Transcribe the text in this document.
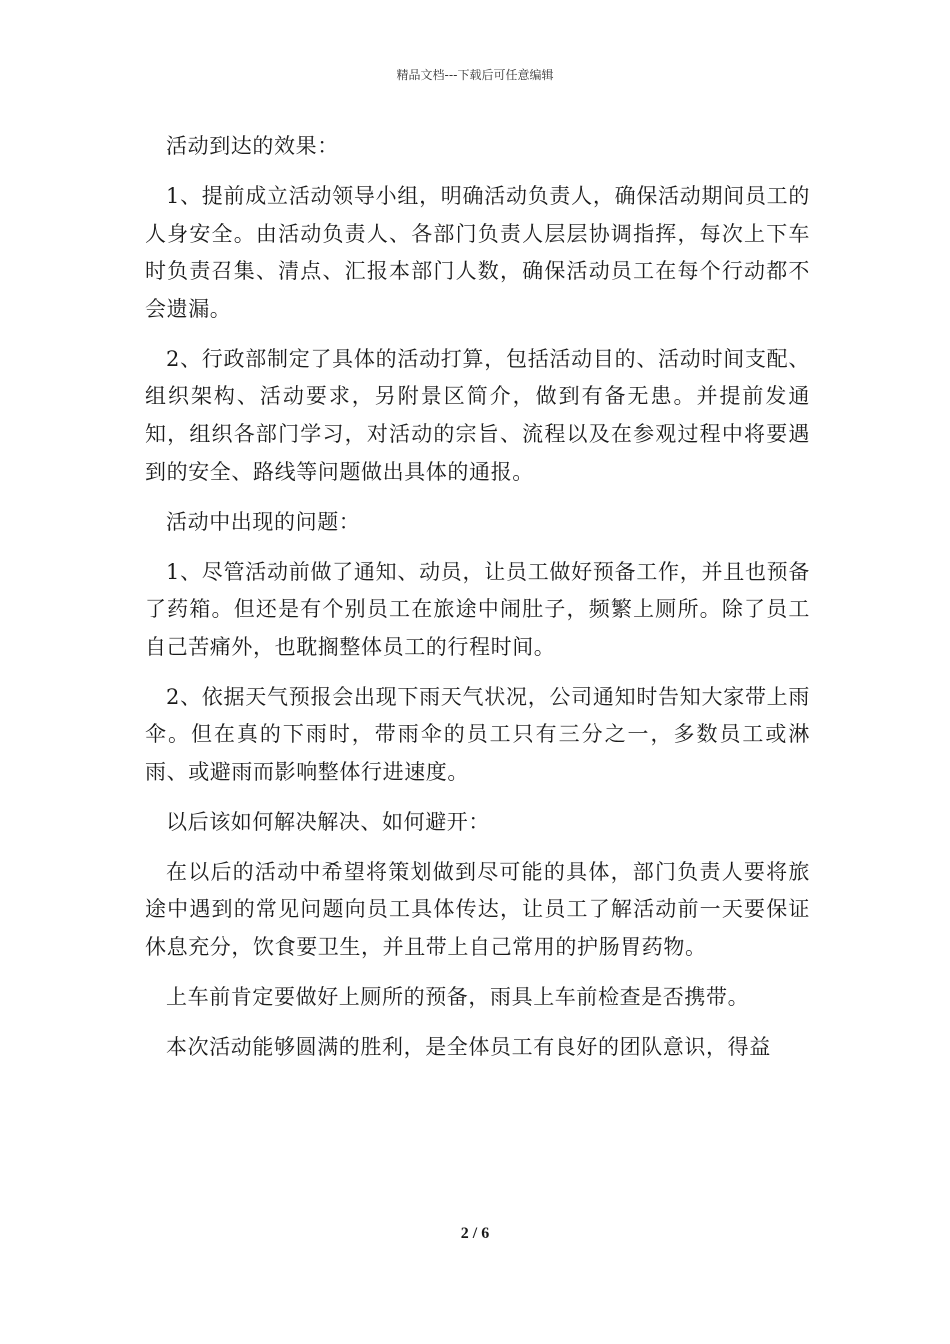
精品文档---下载后可任意编辑

活动到达的效果：

1、提前成立活动领导小组，明确活动负责人，确保活动期间员工的人身安全。由活动负责人、各部门负责人层层协调指挥，每次上下车时负责召集、清点、汇报本部门人数，确保活动员工在每个行动都不会遗漏。

2、行政部制定了具体的活动打算，包括活动目的、活动时间支配、组织架构、活动要求，另附景区简介，做到有备无患。并提前发通知，组织各部门学习，对活动的宗旨、流程以及在参观过程中将要遇到的安全、路线等问题做出具体的通报。

活动中出现的问题：

1、尽管活动前做了通知、动员，让员工做好预备工作，并且也预备了药箱。但还是有个别员工在旅途中闹肚子，频繁上厕所。除了员工自己苦痛外，也耽搁整体员工的行程时间。

2、依据天气预报会出现下雨天气状况，公司通知时告知大家带上雨伞。但在真的下雨时，带雨伞的员工只有三分之一，多数员工或淋雨、或避雨而影响整体行进速度。

以后该如何解决解决、如何避开：

在以后的活动中希望将策划做到尽可能的具体，部门负责人要将旅途中遇到的常见问题向员工具体传达，让员工了解活动前一天要保证休息充分，饮食要卫生，并且带上自己常用的护肠胃药物。

上车前肯定要做好上厕所的预备，雨具上车前检查是否携带。

本次活动能够圆满的胜利，是全体员工有良好的团队意识，得益

2 / 6
